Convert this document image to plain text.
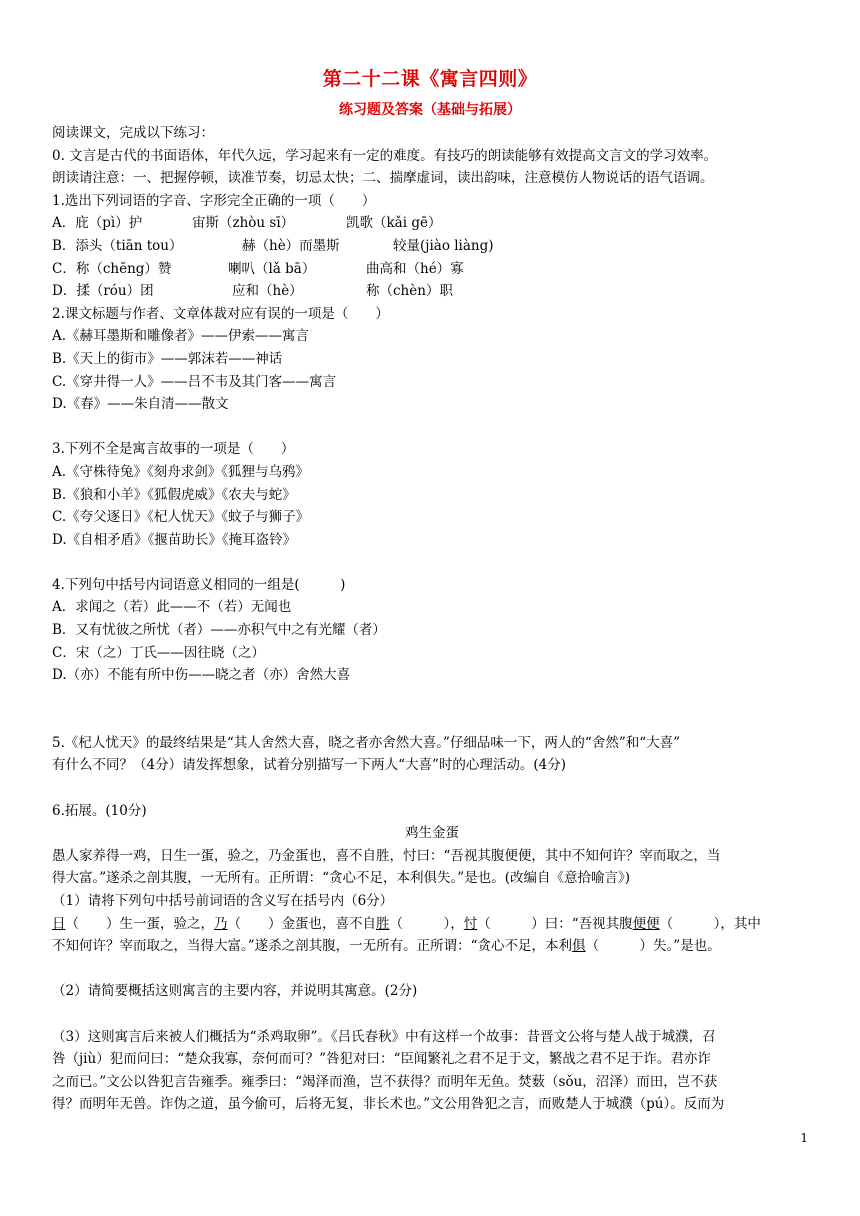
第二十二课《寓言四则》
练习题及答案（基础与拓展）
阅读课文，完成以下练习：
0. 文言是古代的书面语体，年代久远，学习起来有一定的难度。有技巧的朗读能够有效提高文言文的学习效率。
朗读请注意：一、把握停顿，读准节奏，切忌太快；二、揣摩虚词，读出韵味，注意模仿人物说话的语气语调。
1.选出下列词语的字音、字形完全正确的一项（　　）
A．庇（pì）护	宙斯（zhòu sī）	凯歌（kǎi gē）
B．添头（tiān tou）	赫（hè）而墨斯	较量(jiào liàng)
C．称（chēng）赞	喇叭（lǎ bā）	曲高和（hé）寡
D．揉（róu）团	应和（hè）	称（chèn）职
2.课文标题与作者、文章体裁对应有误的一项是（　　）
A.《赫耳墨斯和雕像者》——伊索——寓言
B.《天上的街市》——郭沫若——神话
C.《穿井得一人》——吕不韦及其门客——寓言
D.《春》——朱自清——散文
3.下列不全是寓言故事的一项是（　　）
A.《守株待兔》《刻舟求剑》《狐狸与乌鸦》
B.《狼和小羊》《狐假虎威》《农夫与蛇》
C.《夸父逐日》《杞人忧天》《蚊子与狮子》
D.《自相矛盾》《揠苗助长》《掩耳盗铃》
4.下列句中括号内词语意义相同的一组是(　　　)
A．求闻之（若）此——不（若）无闻也
B．又有忧彼之所忧（者）——亦积气中之有光耀（者）
C．宋（之）丁氏——因往晓（之）
D.（亦）不能有所中伤——晓之者（亦）舍然大喜
5.《杞人忧天》的最终结果是“其人舍然大喜，晓之者亦舍然大喜。”仔细品味一下，两人的“舍然”和“大喜”
有什么不同？（4分）请发挥想象，试着分别描写一下两人“大喜”时的心理活动。(4分)
6.拓展。(10分)
鸡生金蛋
愚人家养得一鸡，日生一蛋，验之，乃金蛋也，喜不自胜，忖曰：“吾视其腹便便，其中不知何许？宰而取之，当
得大富。”遂杀之剖其腹，一无所有。正所谓：“贪心不足，本利俱失。”是也。(改编自《意拾喻言》)
（1）请将下列句中括号前词语的含义写在括号内（6分）
日（　　）生一蛋，验之，乃（　　）金蛋也，喜不自胜（　　　），忖（　　　）曰：“吾视其腹便便（　　　），其中
不知何许？宰而取之，当得大富。”遂杀之剖其腹，一无所有。正所谓：“贪心不足，本利俱（　　　）失。”是也。
（2）请简要概括这则寓言的主要内容，并说明其寓意。(2分)
（3）这则寓言后来被人们概括为“杀鸡取卵”。《吕氏春秋》中有这样一个故事：昔晋文公将与楚人战于城濮，召
咎（jiù）犯而问曰：“楚众我寡，奈何而可？”咎犯对曰：“臣闻繁礼之君不足于文，繁战之君不足于诈。君亦诈
之而已。”文公以咎犯言告雍季。雍季曰：“竭泽而渔，岂不获得？而明年无鱼。焚薮（sǒu，沼泽）而田，岂不获
得？而明年无兽。诈伪之道，虽今偷可，后将无复，非长术也。”文公用咎犯之言，而败楚人于城濮（pú）。反而为
1
